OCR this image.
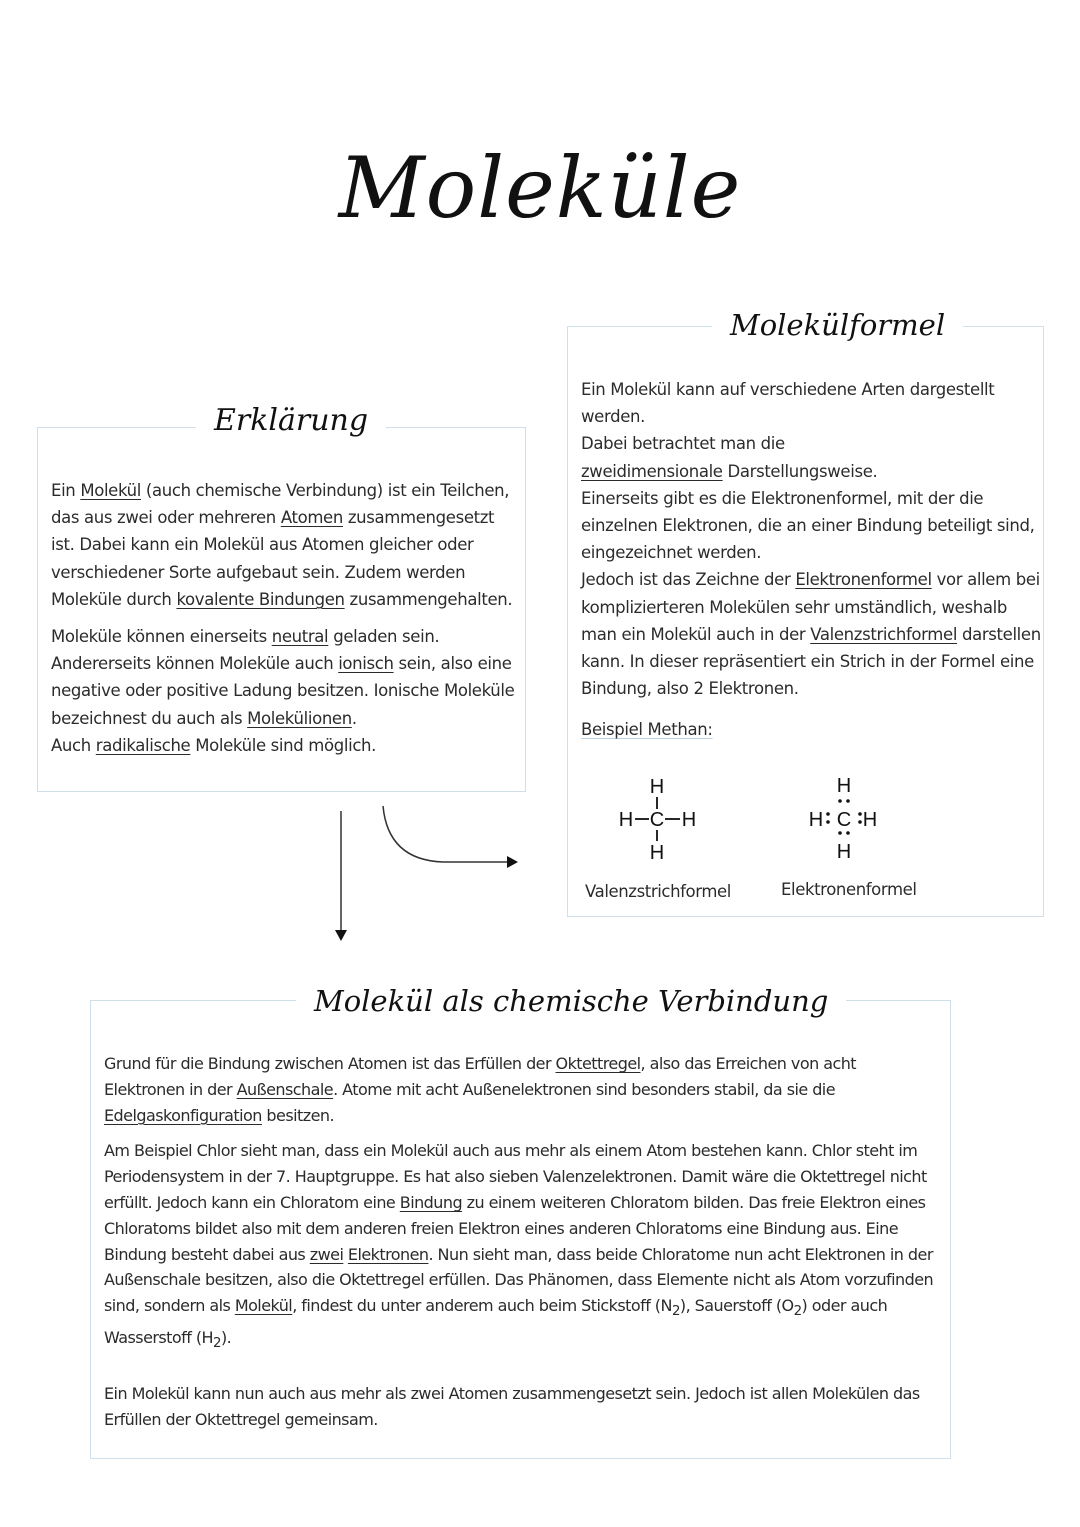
Moleküle
Erklärung

Ein Molekül (auch chemische Verbindung) ist ein Teilchen, das aus zwei oder mehreren Atomen zusammengesetzt ist. Dabei kann ein Molekül aus Atomen gleicher oder verschiedener Sorte aufgebaut sein. Zudem werden Moleküle durch kovalente Bindungen zusammengehalten.

Moleküle können einerseits neutral geladen sein.
Andererseits können Moleküle auch ionisch sein, also eine negative oder positive Ladung besitzen. Ionische Moleküle bezeichnest du auch als Molekülionen.
Auch radikalische Moleküle sind möglich.

Molekülformel

Ein Molekül kann auf verschiedene Arten dargestellt werden.

Dabei betrachtet man die zweidimensionale Darstellungsweise.

Einerseits gibt es die Elektronenformel, mit der die einzelnen Elektronen, die an einer Bindung beteiligt sind, eingezeichnet werden.

Jedoch ist das Zeichne der Elektronenformel vor allem bei komplizierteren Molekülen sehr umständlich, weshalb man ein Molekül auch in der Valenzstrichformel darstellen kann. In dieser repräsentiert ein Strich in der Formel eine Bindung, also 2 Elektronen.

Beispiel Methan:

H
H C H
H
H
H C H
H
Valenzstrichformel	Elektronenformel
Molekül als chemische Verbindung

Grund für die Bindung zwischen Atomen ist das Erfüllen der Oktettregel, also das Erreichen von acht Elektronen in der Außenschale. Atome mit acht Außenelektronen sind besonders stabil, da sie die Edelgaskonfiguration besitzen.

Am Beispiel Chlor sieht man, dass ein Molekül auch aus mehr als einem Atom bestehen kann. Chlor steht im Periodensystem in der 7. Hauptgruppe. Es hat also sieben Valenzelektronen. Damit wäre die Oktettregel nicht erfüllt. Jedoch kann ein Chloratom eine Bindung zu einem weiteren Chloratom bilden. Das freie Elektron eines Chloratoms bildet also mit dem anderen freien Elektron eines anderen Chloratoms eine Bindung aus. Eine Bindung besteht dabei aus zwei Elektronen. Nun sieht man, dass beide Chloratome nun acht Elektronen in der Außenschale besitzen, also die Oktettregel erfüllen. Das Phänomen, dass Elemente nicht als Atom vorzufinden sind, sondern als Molekül, findest du unter anderem auch beim Stickstoff $(N_2)$, Sauerstoff $(O_2)$ oder auch Wasserstoff $(H_2)$.

Ein Molekül kann nun auch aus mehr als zwei Atomen zusammengesetzt sein. Jedoch ist allen Molekülen das Erfüllen der Oktettregel gemeinsam.
